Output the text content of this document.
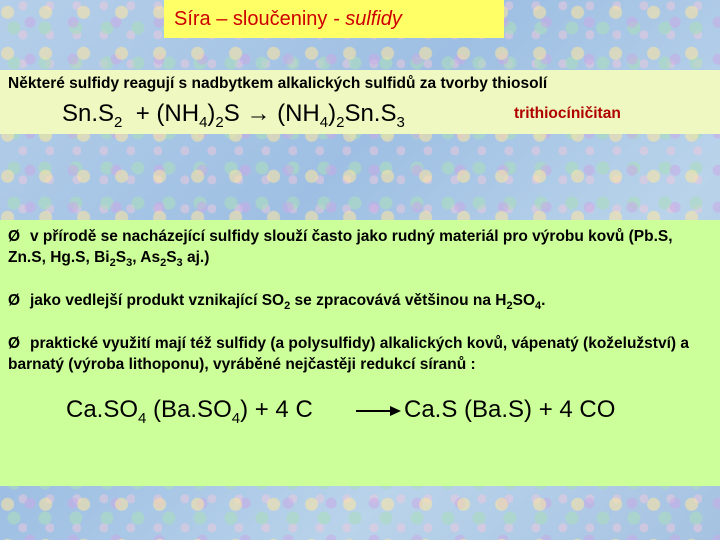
Síra – sloučeniny - sulfidy
Některé sulfidy reagují s nadbytkem alkalických sulfidů za tvorby thiosolí
$Sn.S_2 + (NH_4)_2S \to (NH_4)_2Sn.S_3$
trithiocíničitan
Ø v přírodě se nacházející sulfidy slouží často jako rudný materiál pro výrobu kovů (Pb.S, Zn.S, Hg.S, $Bi_2S_3$, $As_2S_3$ aj.)
Ø jako vedlejší produkt vznikající $SO_2$ se zpracovává většinou na $H_2SO_4$.
Ø praktické využití mají též sulfidy (a polysulfidy) alkalických kovů, vápenatý (koželužství) a barnatý (výroba lithoponu), vyráběné nejčastěji redukcí síranů :
$Ca.SO_4$ $(Ba.SO_4) + 4$ C	→ Ca.S (Ba.S) + 4 CO
